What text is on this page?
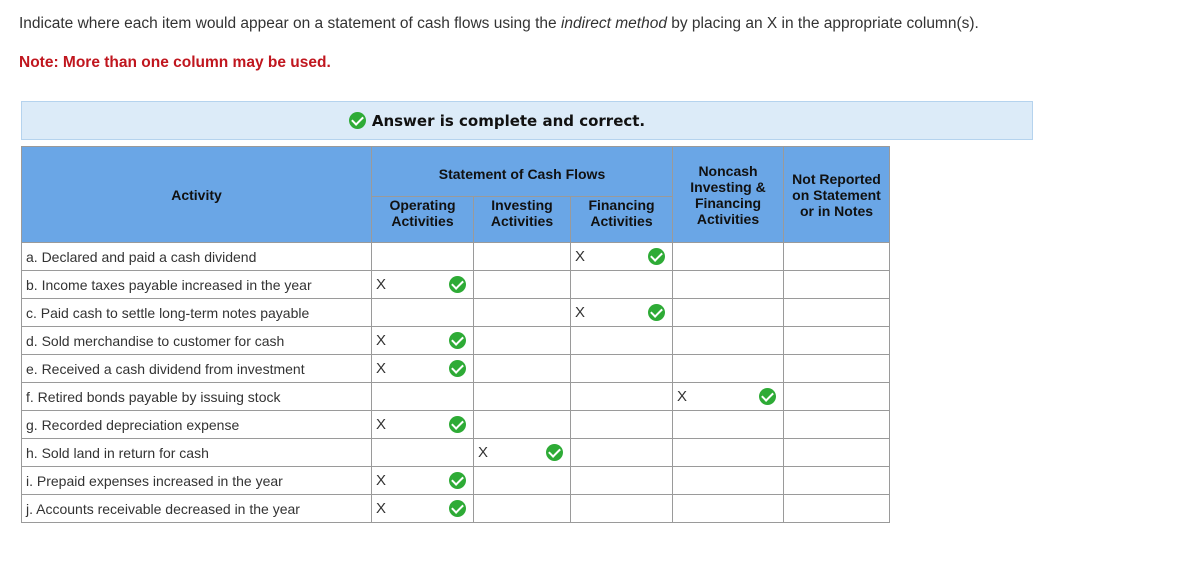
Indicate where each item would appear on a statement of cash flows using the indirect method by placing an X in the appropriate column(s).
Note: More than one column may be used.
Answer is complete and correct.
Activity	Statement of Cash Flows			Noncash Investing & Financing Activities	Not Reported on Statement or in Notes
	Operating Activities	Investing Activities	Financing Activities		
a. Declared and paid a cash dividend			X		

b. Income taxes payable increased in the year	X				

c. Paid cash to settle long-term notes payable			X		

d. Sold merchandise to customer for cash	X				

e. Received a cash dividend from investment	X				

f. Retired bonds payable by issuing stock				X	

g. Recorded depreciation expense	X				

h. Sold land in return for cash		X			

i. Prepaid expenses increased in the year	X				

j. Accounts receivable decreased in the year	X				
